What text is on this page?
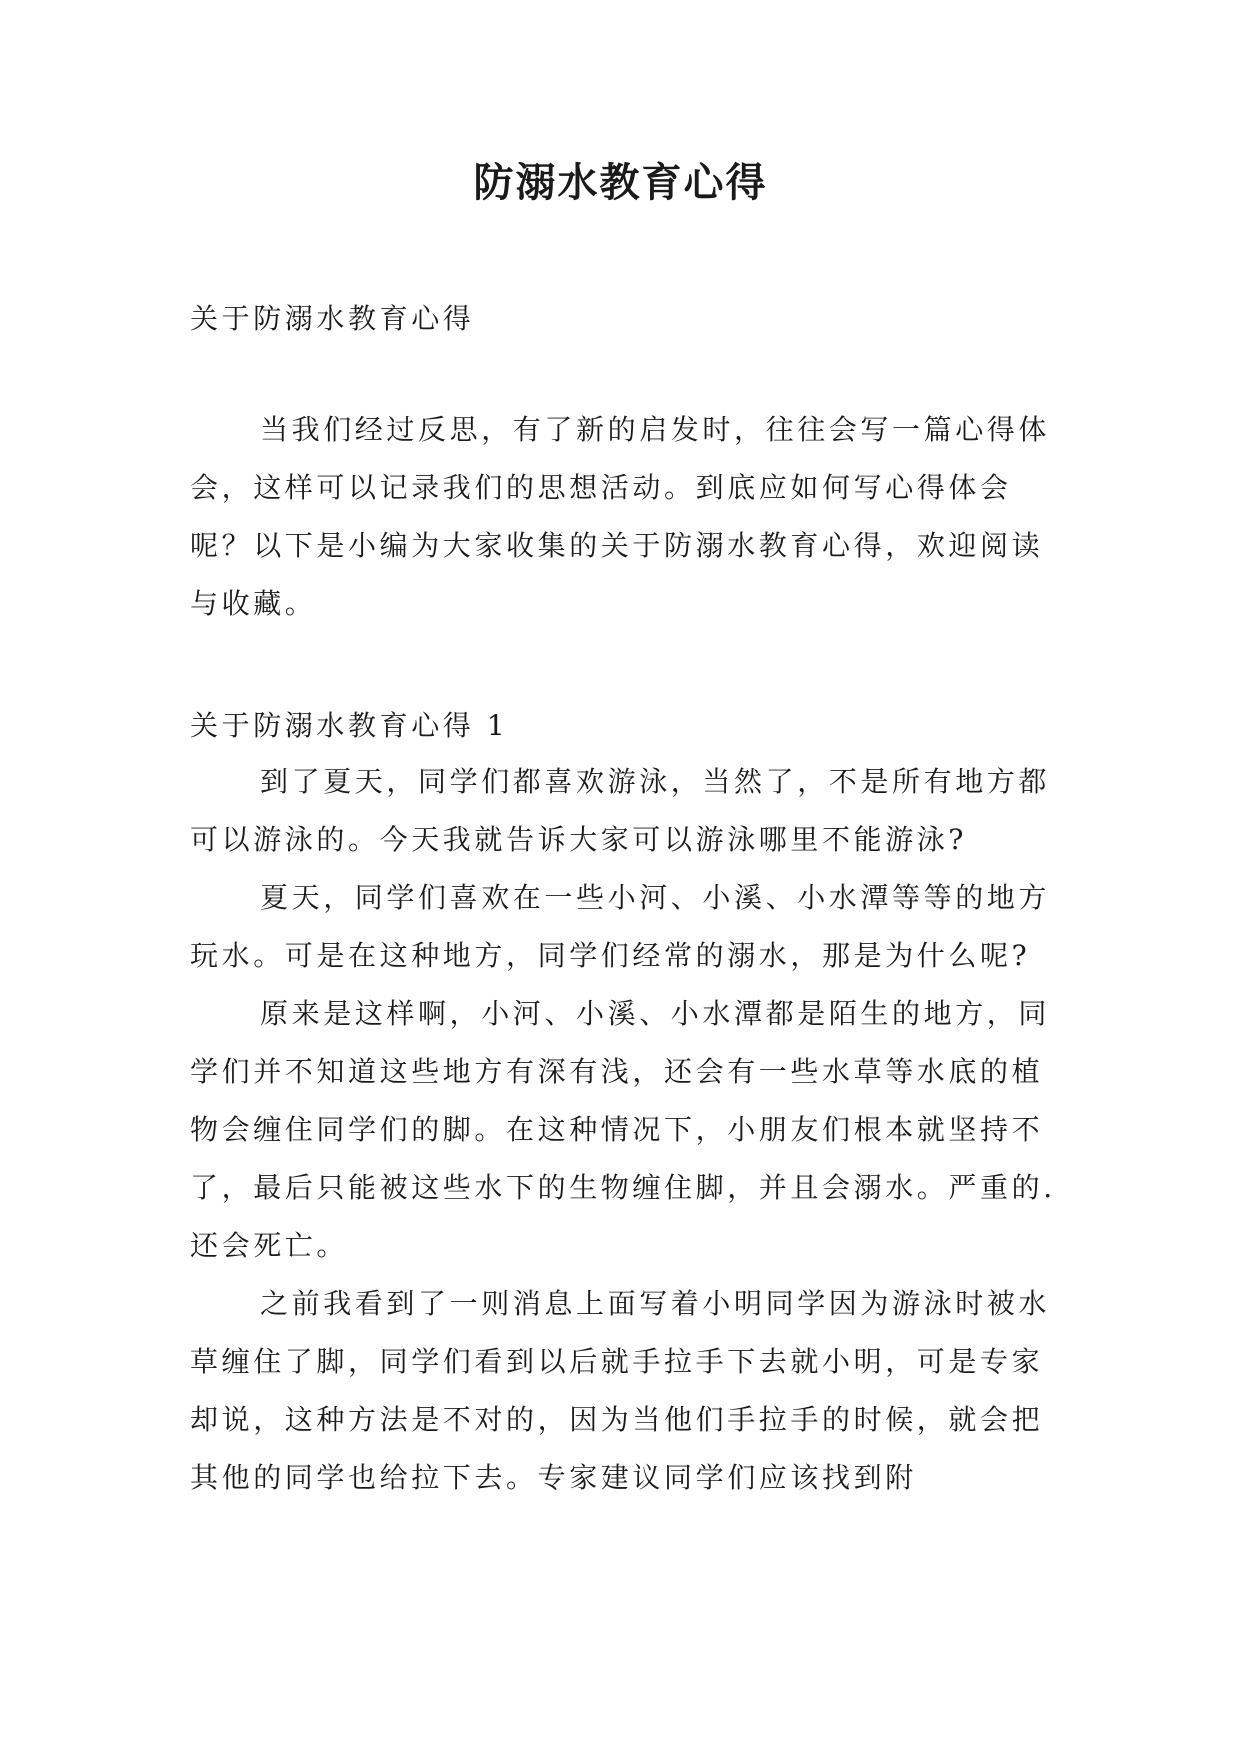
防溺水教育心得

关于防溺水教育心得

当我们经过反思，有了新的启发时，往往会写一篇心得体会，这样可以记录我们的思想活动。到底应如何写心得体会呢？以下是小编为大家收集的关于防溺水教育心得，欢迎阅读与收藏。

关于防溺水教育心得 1

到了夏天，同学们都喜欢游泳，当然了，不是所有地方都可以游泳的。今天我就告诉大家可以游泳哪里不能游泳?

夏天，同学们喜欢在一些小河、小溪、小水潭等等的地方玩水。可是在这种地方，同学们经常的溺水，那是为什么呢?

原来是这样啊，小河、小溪、小水潭都是陌生的地方，同学们并不知道这些地方有深有浅，还会有一些水草等水底的植物会缠住同学们的脚。在这种情况下，小朋友们根本就坚持不了，最后只能被这些水下的生物缠住脚，并且会溺水。严重的.还会死亡。

之前我看到了一则消息上面写着小明同学因为游泳时被水草缠住了脚，同学们看到以后就手拉手下去就小明，可是专家却说，这种方法是不对的，因为当他们手拉手的时候，就会把其他的同学也给拉下去。专家建议同学们应该找到附
